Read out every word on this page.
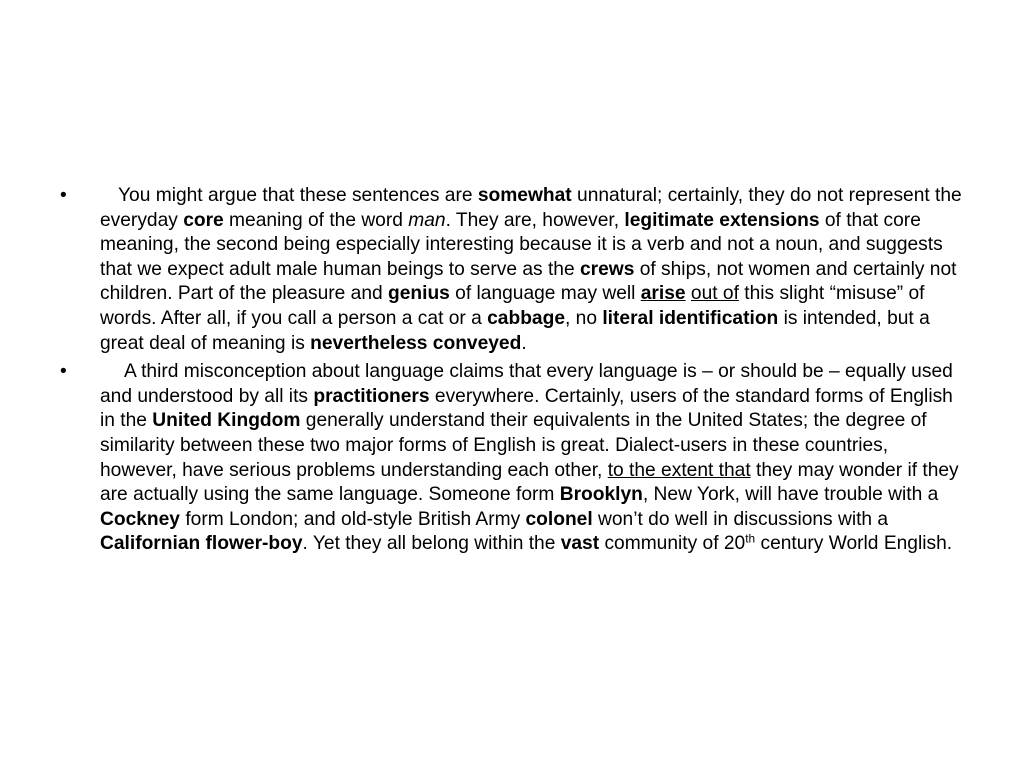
•	You might argue that these sentences are somewhat unnatural; certainly, they do not represent the everyday core meaning of the word man. They are, however, legitimate extensions of that core meaning, the second being especially interesting because it is a verb and not a noun, and suggests that we expect adult male human beings to serve as the crews of ships, not women and certainly not children. Part of the pleasure and genius of language may well arise out of this slight “misuse” of words. After all, if you call a person a cat or a cabbage, no literal identification is intended, but a great deal of meaning is nevertheless conveyed.
•	A third misconception about language claims that every language is – or should be – equally used and understood by all its practitioners everywhere. Certainly, users of the standard forms of English in the United Kingdom generally understand their equivalents in the United States; the degree of similarity between these two major forms of English is great. Dialect-users in these countries, however, have serious problems understanding each other, to the extent that they may wonder if they are actually using the same language. Someone form Brooklyn, New York, will have trouble with a Cockney form London; and old-style British Army colonel won’t do well in discussions with a Californian flower-boy. Yet they all belong within the vast community of 20th century World English.
